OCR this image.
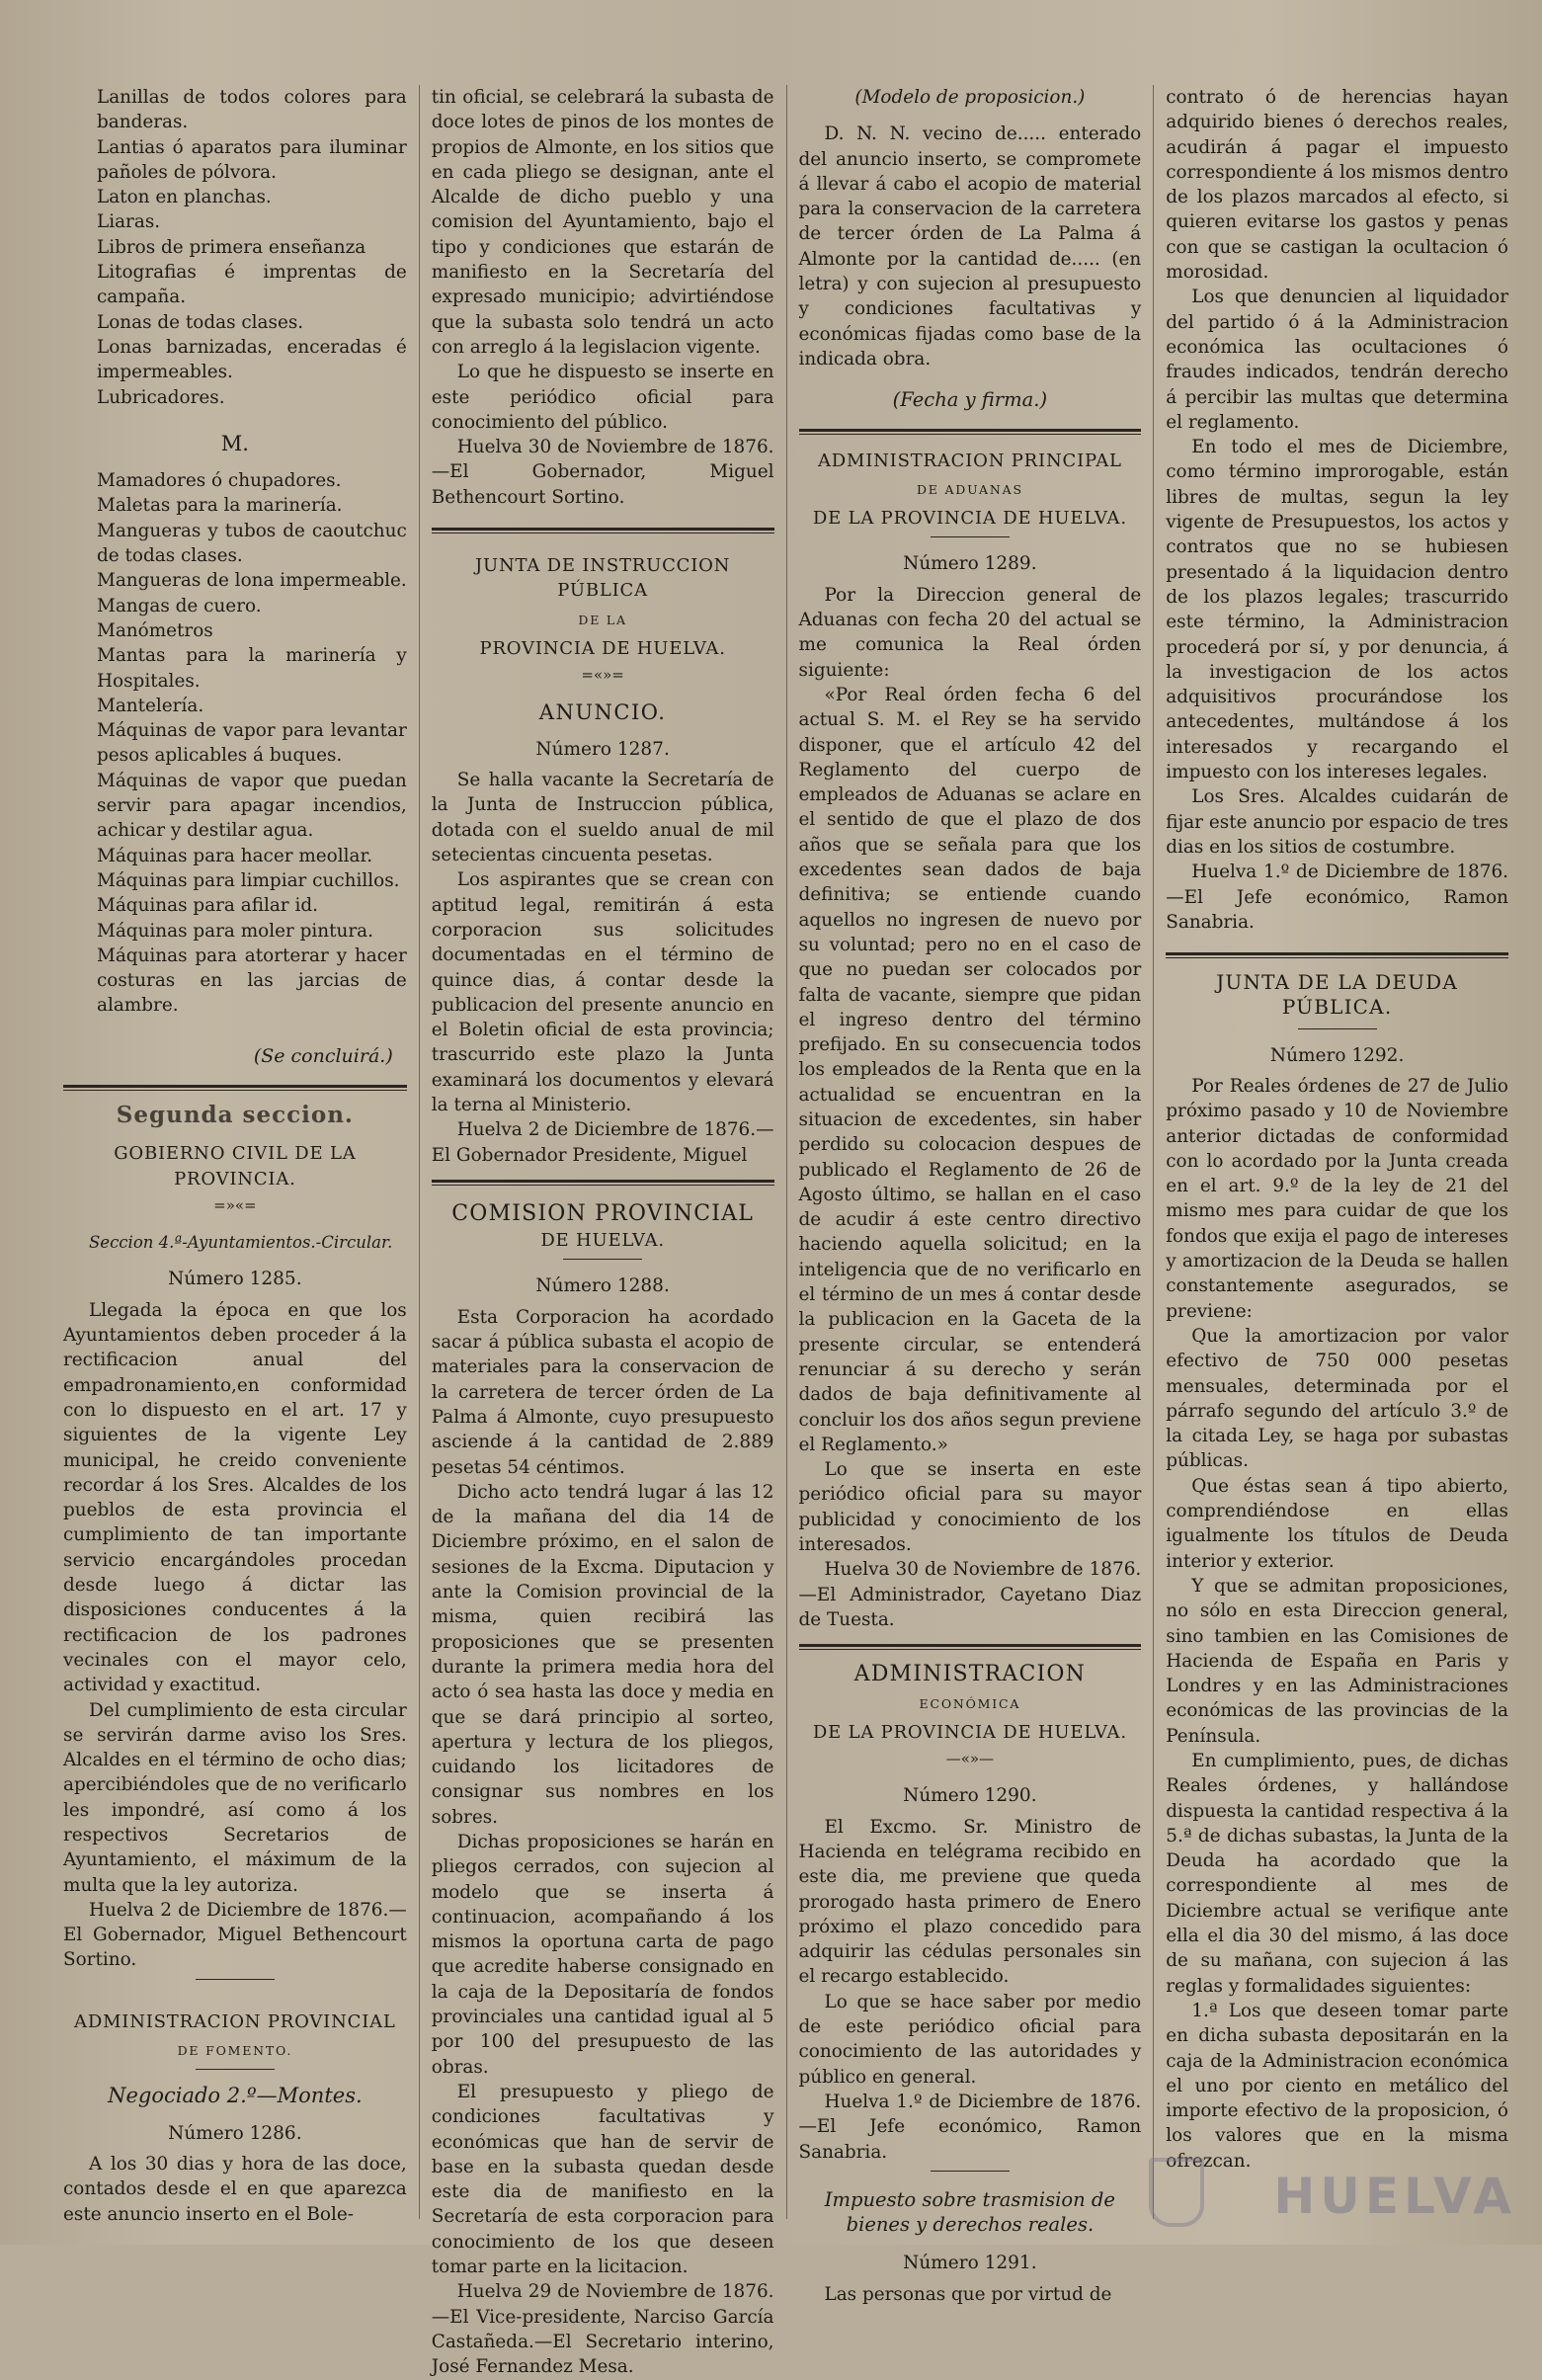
Lanillas de todos colores para banderas.

Lantias ó aparatos para iluminar pañoles de pólvora.

Laton en planchas.

Liaras.

Libros de primera enseñanza

Litografias é imprentas de campaña.

Lonas de todas clases.

Lonas barnizadas, enceradas é impermeables.

Lubricadores.

M.

Mamadores ó chupadores.

Maletas para la marinería.

Mangueras y tubos de caoutchuc de todas clases.

Mangueras de lona impermeable.

Mangas de cuero.

Manómetros

Mantas para la marinería y Hospitales.

Mantelería.

Máquinas de vapor para levantar pesos aplicables á buques.

Máquinas de vapor que puedan servir para apagar incendios, achicar y destilar agua.

Máquinas para hacer meollar.

Máquinas para limpiar cuchillos.

Máquinas para afilar id.

Máquinas para moler pintura.

Máquinas para atorterar y hacer costuras en las jarcias de alambre.

(Se concluirá.)

Segunda seccion.
GOBIERNO CIVIL DE LA PROVINCIA.
=»«=

Seccion 4.ª-Ayuntamientos.-Circular.

Número 1285.

Llegada la época en que los Ayuntamientos deben proceder á la rectificacion anual del empadronamiento,en conformidad con lo dispuesto en el art. 17 y siguientes de la vigente Ley municipal, he creido conveniente recordar á los Sres. Alcaldes de los pueblos de esta provincia el cumplimiento de tan importante servicio encargándoles procedan desde luego á dictar las disposiciones conducentes á la rectificacion de los padrones vecinales con el mayor celo, actividad y exactitud.

Del cumplimiento de esta circular se servirán darme aviso los Sres. Alcaldes en el término de ocho dias; apercibiéndoles que de no verificarlo les impondré, así como á los respectivos Secretarios de Ayuntamiento, el máximum de la multa que la ley autoriza.

Huelva 2 de Diciembre de 1876.—El Gobernador, Miguel Bethencourt Sortino.

ADMINISTRACION PROVINCIAL
DE FOMENTO.
Negociado 2.º—Montes.
Número 1286.

A los 30 dias y hora de las doce, contados desde el en que aparezca este anuncio inserto en el Bole-

tin oficial, se celebrará la subasta de doce lotes de pinos de los montes de propios de Almonte, en los sitios que en cada pliego se designan, ante el Alcalde de dicho pueblo y una comision del Ayuntamiento, bajo el tipo y condiciones que estarán de manifiesto en la Secretaría del expresado municipio; advirtiéndose que la subasta solo tendrá un acto con arreglo á la legislacion vigente.

Lo que he dispuesto se inserte en este periódico oficial para conocimiento del público.

Huelva 30 de Noviembre de 1876.—El Gobernador, Miguel Bethencourt Sortino.

JUNTA DE INSTRUCCION PÚBLICA
DE LA
PROVINCIA DE HUELVA.
=«»=
ANUNCIO.
Número 1287.

Se halla vacante la Secretaría de la Junta de Instruccion pública, dotada con el sueldo anual de mil setecientas cincuenta pesetas.

Los aspirantes que se crean con aptitud legal, remitirán á esta corporacion sus solicitudes documentadas en el término de quince dias, á contar desde la publicacion del presente anuncio en el Boletin oficial de esta provincia; trascurrido este plazo la Junta examinará los documentos y elevará la terna al Ministerio.

Huelva 2 de Diciembre de 1876.—El Gobernador Presidente, Miguel

COMISION PROVINCIAL
DE HUELVA.
Número 1288.

Esta Corporacion ha acordado sacar á pública subasta el acopio de materiales para la conservacion de la carretera de tercer órden de La Palma á Almonte, cuyo presupuesto asciende á la cantidad de 2.889 pesetas 54 céntimos.

Dicho acto tendrá lugar á las 12 de la mañana del dia 14 de Diciembre próximo, en el salon de sesiones de la Excma. Diputacion y ante la Comision provincial de la misma, quien recibirá las proposiciones que se presenten durante la primera media hora del acto ó sea hasta las doce y media en que se dará principio al sorteo, apertura y lectura de los pliegos, cuidando los licitadores de consignar sus nombres en los sobres.

Dichas proposiciones se harán en pliegos cerrados, con sujecion al modelo que se inserta á continuacion, acompañando á los mismos la oportuna carta de pago que acredite haberse consignado en la caja de la Depositaría de fondos provinciales una cantidad igual al 5 por 100 del presupuesto de las obras.

El presupuesto y pliego de condiciones facultativas y económicas que han de servir de base en la subasta quedan desde este dia de manifiesto en la Secretaría de esta corporacion para conocimiento de los que deseen tomar parte en la licitacion.

Huelva 29 de Noviembre de 1876. —El Vice-presidente, Narciso García Castañeda.—El Secretario interino, José Fernandez Mesa.

(Modelo de proposicion.)

D. N. N. vecino de..... enterado del anuncio inserto, se compromete á llevar á cabo el acopio de material para la conservacion de la carretera de tercer órden de La Palma á Almonte por la cantidad de..... (en letra) y con sujecion al presupuesto y condiciones facultativas y económicas fijadas como base de la indicada obra.

(Fecha y firma.)
ADMINISTRACION PRINCIPAL
DE ADUANAS
DE LA PROVINCIA DE HUELVA.
Número 1289.

Por la Direccion general de Aduanas con fecha 20 del actual se me comunica la Real órden siguiente:

«Por Real órden fecha 6 del actual S. M. el Rey se ha servido disponer, que el artículo 42 del Reglamento del cuerpo de empleados de Aduanas se aclare en el sentido de que el plazo de dos años que se señala para que los excedentes sean dados de baja definitiva; se entiende cuando aquellos no ingresen de nuevo por su voluntad; pero no en el caso de que no puedan ser colocados por falta de vacante, siempre que pidan el ingreso dentro del término prefijado. En su consecuencia todos los empleados de la Renta que en la actualidad se encuentran en la situacion de excedentes, sin haber perdido su colocacion despues de publicado el Reglamento de 26 de Agosto último, se hallan en el caso de acudir á este centro directivo haciendo aquella solicitud; en la inteligencia que de no verificarlo en el término de un mes á contar desde la publicacion en la Gaceta de la presente circular, se entenderá renunciar á su derecho y serán dados de baja definitivamente al concluir los dos años segun previene el Reglamento.»

Lo que se inserta en este periódico oficial para su mayor publicidad y conocimiento de los interesados.

Huelva 30 de Noviembre de 1876. —El Administrador, Cayetano Diaz de Tuesta.

ADMINISTRACION
ECONÓMICA
DE LA PROVINCIA DE HUELVA.
—«»—
Número 1290.

El Excmo. Sr. Ministro de Hacienda en telégrama recibido en este dia, me previene que queda prorogado hasta primero de Enero próximo el plazo concedido para adquirir las cédulas personales sin el recargo establecido.

Lo que se hace saber por medio de este periódico oficial para conocimiento de las autoridades y público en general.

Huelva 1.º de Diciembre de 1876. —El Jefe económico, Ramon Sanabria.

Impuesto sobre trasmision de bienes y derechos reales.
Número 1291.

Las personas que por virtud de

contrato ó de herencias hayan adquirido bienes ó derechos reales, acudirán á pagar el impuesto correspondiente á los mismos dentro de los plazos marcados al efecto, si quieren evitarse los gastos y penas con que se castigan la ocultacion ó morosidad.

Los que denuncien al liquidador del partido ó á la Administracion económica las ocultaciones ó fraudes indicados, tendrán derecho á percibir las multas que determina el reglamento.

En todo el mes de Diciembre, como término improrogable, están libres de multas, segun la ley vigente de Presupuestos, los actos y contratos que no se hubiesen presentado á la liquidacion dentro de los plazos legales; trascurrido este término, la Administracion procederá por sí, y por denuncia, á la investigacion de los actos adquisitivos procurándose los antecedentes, multándose á los interesados y recargando el impuesto con los intereses legales.

Los Sres. Alcaldes cuidarán de fijar este anuncio por espacio de tres dias en los sitios de costumbre.

Huelva 1.º de Diciembre de 1876. —El Jefe económico, Ramon Sanabria.

JUNTA DE LA DEUDA PÚBLICA.
Número 1292.

Por Reales órdenes de 27 de Julio próximo pasado y 10 de Noviembre anterior dictadas de conformidad con lo acordado por la Junta creada en el art. 9.º de la ley de 21 del mismo mes para cuidar de que los fondos que exija el pago de intereses y amortizacion de la Deuda se hallen constantemente asegurados, se previene:

Que la amortizacion por valor efectivo de 750 000 pesetas mensuales, determinada por el párrafo segundo del artículo 3.º de la citada Ley, se haga por subastas públicas.

Que éstas sean á tipo abierto, comprendiéndose en ellas igualmente los títulos de Deuda interior y exterior.

Y que se admitan proposiciones, no sólo en esta Direccion general, sino tambien en las Comisiones de Hacienda de España en Paris y Londres y en las Administraciones económicas de las provincias de la Península.

En cumplimiento, pues, de dichas Reales órdenes, y hallándose dispuesta la cantidad respectiva á la 5.ª de dichas subastas, la Junta de la Deuda ha acordado que la correspondiente al mes de Diciembre actual se verifique ante ella el dia 30 del mismo, á las doce de su mañana, con sujecion á las reglas y formalidades siguientes:

1.ª Los que deseen tomar parte en dicha subasta depositarán en la caja de la Administracion económica el uno por ciento en metálico del importe efectivo de la proposicion, ó los valores que en la misma ofrezcan.

HUELVA
